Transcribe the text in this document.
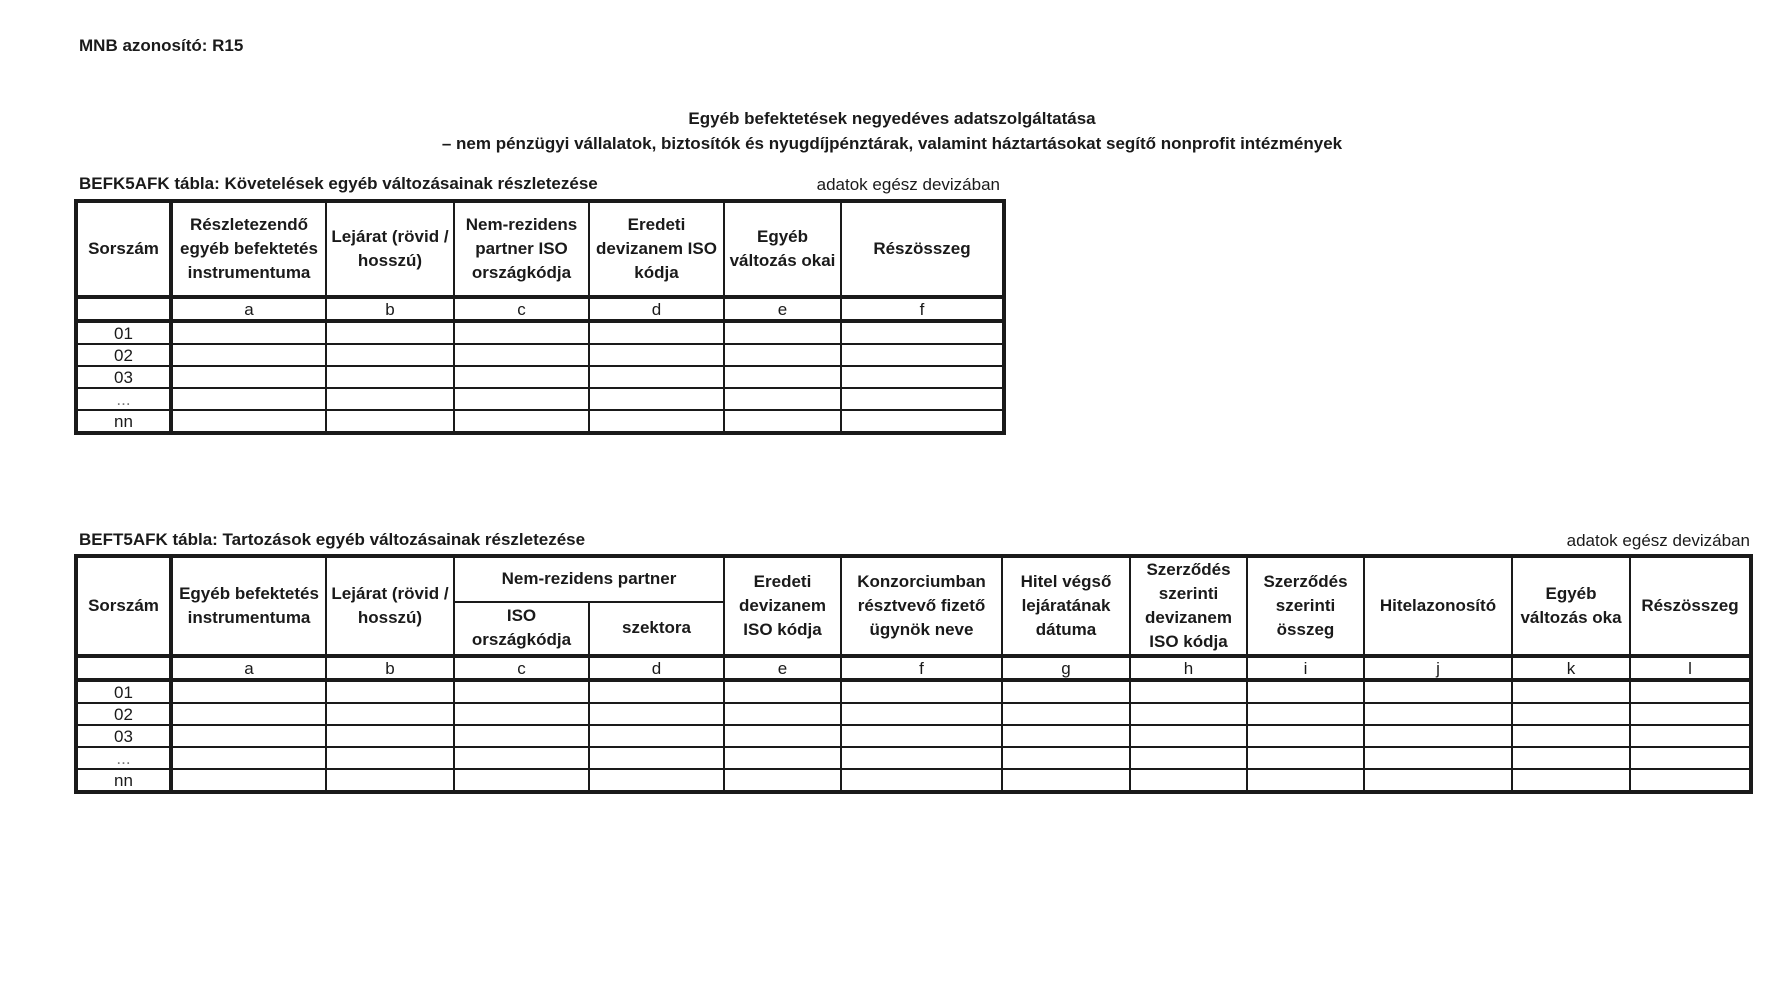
MNB azonosító: R15
Egyéb befektetések negyedéves adatszolgáltatása
– nem pénzügyi vállalatok, biztosítók és nyugdíjpénztárak, valamint háztartásokat segítő nonprofit intézmények
BEFK5AFK tábla: Követelések egyéb változásainak részletezése	adatok egész devizában
Sorszám	Részletezendő egyéb befektetés instrumentuma	Lejárat (rövid / hosszú)	Nem-rezidens partner ISO országkódja	Eredeti devizanem ISO kódja	Egyéb változás okai	Részösszeg
	a	b	c	d	e	f
01						
02						
03						
...						
nn						
BEFT5AFK tábla: Tartozások egyéb változásainak részletezése	adatok egész devizában
Sorszám	Egyéb befektetés instrumentuma	Lejárat (rövid / hosszú)	Nem-rezidens partner		Eredeti devizanem ISO kódja	Konzorciumban résztvevő fizető ügynök neve	Hitel végső lejáratának dátuma	Szerződés szerinti devizanem ISO kódja	Szerződés szerinti összeg	Hitelazonosító	Egyéb változás oka	Részösszeg
			ISO országkódja	szektora								
	a	b	c	d	e	f	g	h	i	j	k	l
01												
02												
03												
...												
nn												
